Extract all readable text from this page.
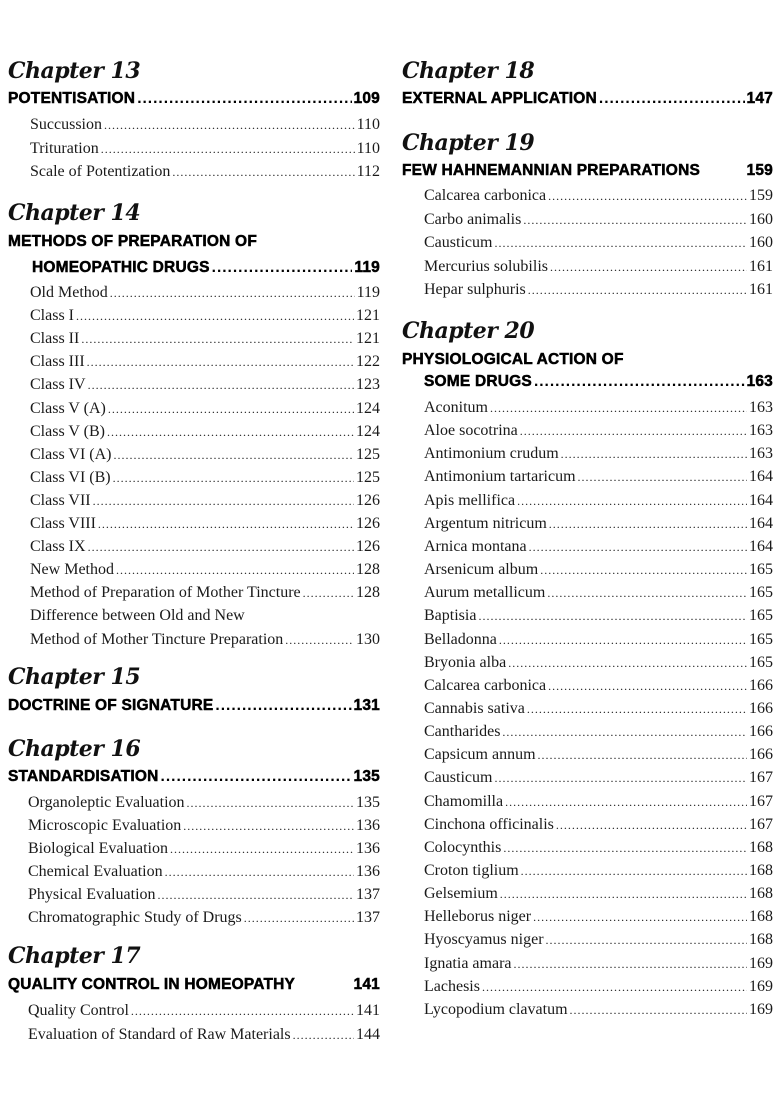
Chapter 13
POTENTISATION .....	109
Succussion .....	110
Trituration .....	110
Scale of Potentization .....	112
Chapter 14
METHODS OF PREPARATION OF
HOMEOPATHIC DRUGS .....	119
Old Method .....	119
Class I .....	121
Class II .....	121
Class III .....	122
Class IV .....	123
Class V (A) .....	124
Class V (B) .....	124
Class VI (A) .....	125
Class VI (B) .....	125
Class VII .....	126
Class VIII .....	126
Class IX .....	126
New Method .....	128
Method of Preparation of Mother Tincture .....	128
Difference between Old and New
Method of Mother Tincture Preparation .....	130
Chapter 15
DOCTRINE OF SIGNATURE .....	131
Chapter 16
STANDARDISATION .....	135
Organoleptic Evaluation .....	135
Microscopic Evaluation .....	136
Biological Evaluation .....	136
Chemical Evaluation .....	136
Physical Evaluation .....	137
Chromatographic Study of Drugs .....	137
Chapter 17
QUALITY CONTROL IN HOMEOPATHY	141
Quality Control .....	141
Evaluation of Standard of Raw Materials .....	144
Chapter 18
EXTERNAL APPLICATION .....	147
Chapter 19
FEW HAHNEMANNIAN PREPARATIONS	159
Calcarea carbonica .....	159
Carbo animalis .....	160
Causticum .....	160
Mercurius solubilis .....	161
Hepar sulphuris .....	161
Chapter 20
PHYSIOLOGICAL ACTION OF
SOME DRUGS .....	163
Aconitum .....	163
Aloe socotrina .....	163
Antimonium crudum .....	163
Antimonium tartaricum .....	164
Apis mellifica .....	164
Argentum nitricum .....	164
Arnica montana .....	164
Arsenicum album .....	165
Aurum metallicum .....	165
Baptisia .....	165
Belladonna .....	165
Bryonia alba .....	165
Calcarea carbonica .....	166
Cannabis sativa .....	166
Cantharides .....	166
Capsicum annum .....	166
Causticum .....	167
Chamomilla .....	167
Cinchona officinalis .....	167
Colocynthis .....	168
Croton tiglium .....	168
Gelsemium .....	168
Helleborus niger .....	168
Hyoscyamus niger .....	168
Ignatia amara .....	169
Lachesis .....	169
Lycopodium clavatum .....	169
